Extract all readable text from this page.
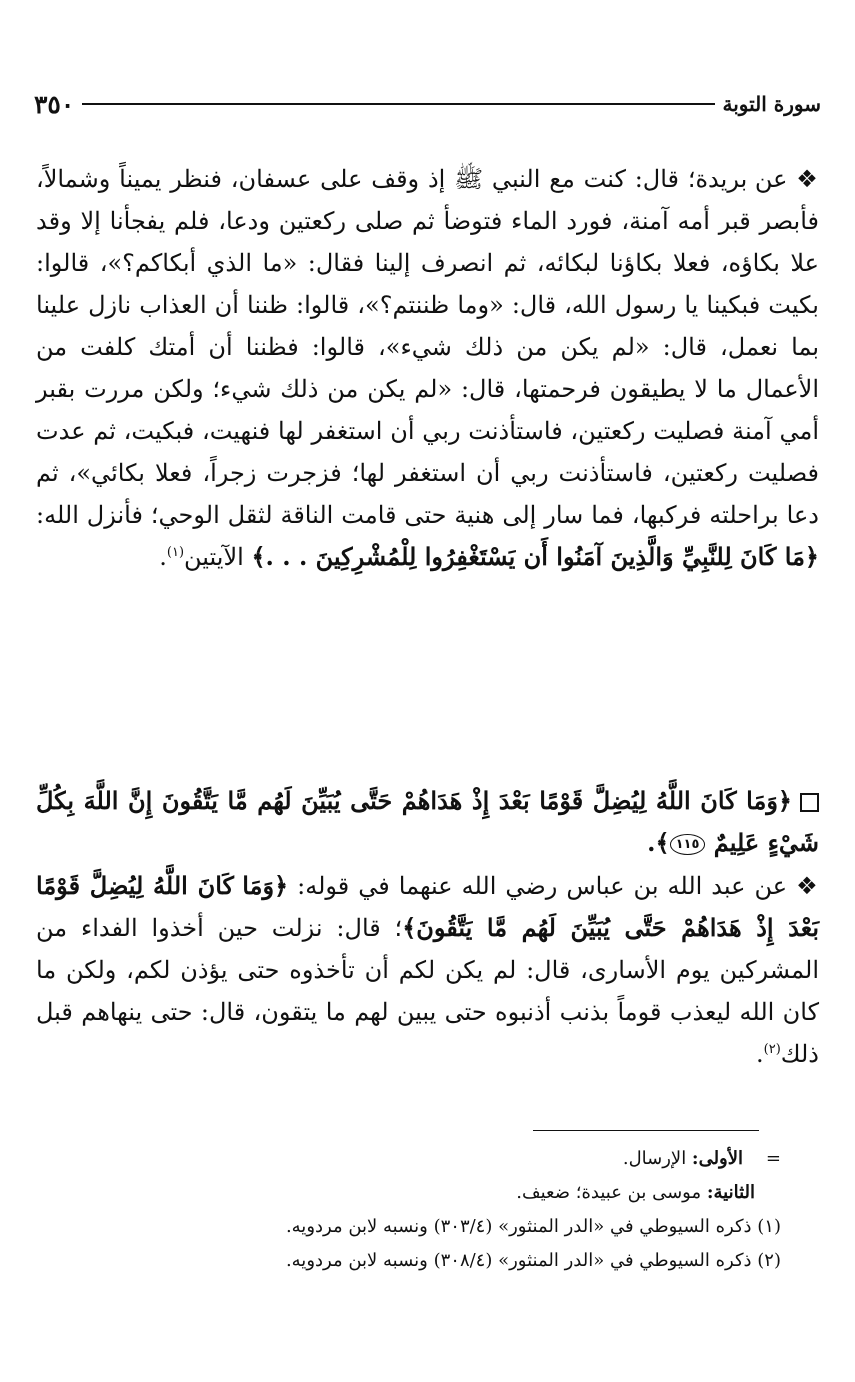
٣٥٠	سورة التوبة
❖ عن بريدة؛ قال: كنت مع النبي ﷺ إذ وقف على عسفان، فنظر يميناً وشمالاً، فأبصر قبر أمه آمنة، فورد الماء فتوضأ ثم صلى ركعتين ودعا، فلم يفجأنا إلا وقد علا بكاؤه، فعلا بكاؤنا لبكائه، ثم انصرف إلينا فقال: «ما الذي أبكاكم؟»، قالوا: بكيت فبكينا يا رسول الله، قال: «وما ظننتم؟»، قالوا: ظننا أن العذاب نازل علينا بما نعمل، قال: «لم يكن من ذلك شيء»، قالوا: فظننا أن أمتك كلفت من الأعمال ما لا يطيقون فرحمتها، قال: «لم يكن من ذلك شيء؛ ولكن مررت بقبر أمي آمنة فصليت ركعتين، فاستأذنت ربي أن استغفر لها فنهيت، فبكيت، ثم عدت فصليت ركعتين، فاستأذنت ربي أن استغفر لها؛ فزجرت زجراً، فعلا بكائي»، ثم دعا براحلته فركبها، فما سار إلى هنية حتى قامت الناقة لثقل الوحي؛ فأنزل الله: ﴿مَا كَانَ لِلنَّبِيِّ وَالَّذِينَ آمَنُوا أَن يَسْتَغْفِرُوا لِلْمُشْرِكِينَ . . .﴾ الآيتين$^{(١)}$.
﴿وَمَا كَانَ اللَّهُ لِيُضِلَّ قَوْمًا بَعْدَ إِذْ هَدَاهُمْ حَتَّى يُبَيِّنَ لَهُم مَّا يَتَّقُونَ إِنَّ اللَّهَ بِكُلِّ شَيْءٍ عَلِيمٌ ١١٥﴾.
❖ عن عبد الله بن عباس رضي الله عنهما في قوله: ﴿وَمَا كَانَ اللَّهُ لِيُضِلَّ قَوْمًا بَعْدَ إِذْ هَدَاهُمْ حَتَّى يُبَيِّنَ لَهُم مَّا يَتَّقُونَ﴾؛ قال: نزلت حين أخذوا الفداء من المشركين يوم الأسارى، قال: لم يكن لكم أن تأخذوه حتى يؤذن لكم، ولكن ما كان الله ليعذب قوماً بذنب أذنبوه حتى يبين لهم ما يتقون، قال: حتى ينهاهم قبل ذلك$^{(٢)}$.
=    الأولى: الإرسال.
الثانية: موسى بن عبيدة؛ ضعيف.
(١) ذكره السيوطي في «الدر المنثور» (٣٠٣/٤) ونسبه لابن مردويه.
(٢) ذكره السيوطي في «الدر المنثور» (٣٠٨/٤) ونسبه لابن مردويه.
